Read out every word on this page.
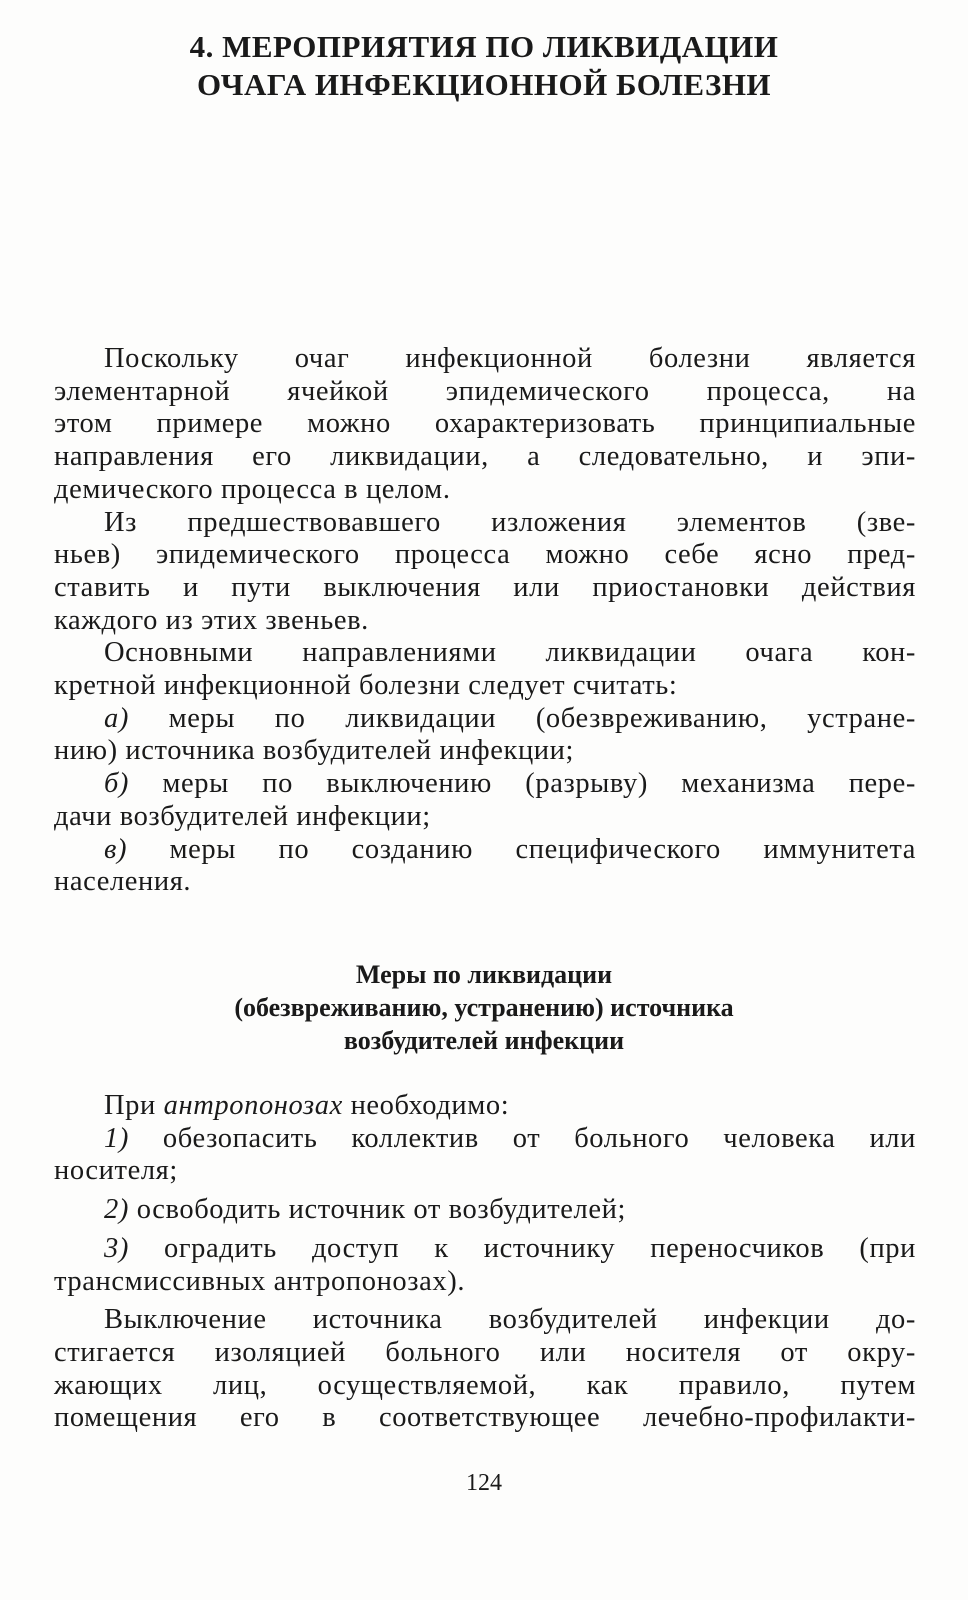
4. МЕРОПРИЯТИЯ ПО ЛИКВИДАЦИИ
ОЧАГА ИНФЕКЦИОННОЙ БОЛЕЗНИ

Поскольку очаг инфекционной болезни является
элементарной ячейкой эпидемического процесса, на
этом примере можно охарактеризовать принципиальные
направления его ликвидации, а следовательно, и эпи-
демического процесса в целом.

Из предшествовавшего изложения элементов (зве-
ньев) эпидемического процесса можно себе ясно пред-
ставить и пути выключения или приостановки действия
каждого из этих звеньев.

Основными направлениями ликвидации очага кон-
кретной инфекционной болезни следует считать:

а) меры по ликвидации (обезвреживанию, устране-
нию) источника возбудителей инфекции;

б) меры по выключению (разрыву) механизма пере-
дачи возбудителей инфекции;

в) меры по созданию специфического иммунитета
населения.

Меры по ликвидации
(обезвреживанию, устранению) источника
возбудителей инфекции

При антропонозах необходимо:

1) обезопасить коллектив от больного человека или
носителя;

2) освободить источник от возбудителей;

3) оградить доступ к источнику переносчиков (при
трансмиссивных антропонозах).

Выключение источника возбудителей инфекции до-
стигается изоляцией больного или носителя от окру-
жающих лиц, осуществляемой, как правило, путем
помещения его в соответствующее лечебно-профилакти-

124
